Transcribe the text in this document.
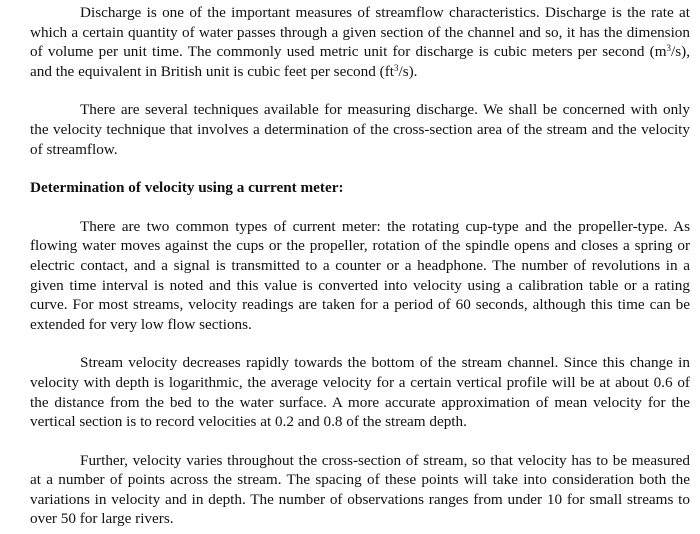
Discharge is one of the important measures of streamflow characteristics. Discharge is the rate at which a certain quantity of water passes through a given section of the channel and so, it has the dimension of volume per unit time. The commonly used metric unit for discharge is cubic meters per second $(m^3/s)$, and the equivalent in British unit is cubic feet per second $(ft^3/s)$.

There are several techniques available for measuring discharge. We shall be concerned with only the velocity technique that involves a determination of the cross-section area of the stream and the velocity of streamflow.

Determination of velocity using a current meter:

There are two common types of current meter: the rotating cup-type and the propeller-type. As flowing water moves against the cups or the propeller, rotation of the spindle opens and closes a spring or electric contact, and a signal is transmitted to a counter or a headphone. The number of revolutions in a given time interval is noted and this value is converted into velocity using a calibration table or a rating curve. For most streams, velocity readings are taken for a period of 60 seconds, although this time can be extended for very low flow sections.

Stream velocity decreases rapidly towards the bottom of the stream channel. Since this change in velocity with depth is logarithmic, the average velocity for a certain vertical profile will be at about 0.6 of the distance from the bed to the water surface. A more accurate approximation of mean velocity for the vertical section is to record velocities at 0.2 and 0.8 of the stream depth.

Further, velocity varies throughout the cross-section of stream, so that velocity has to be measured at a number of points across the stream. The spacing of these points will take into consideration both the variations in velocity and in depth. The number of observations ranges from under 10 for small streams to over 50 for large rivers.
